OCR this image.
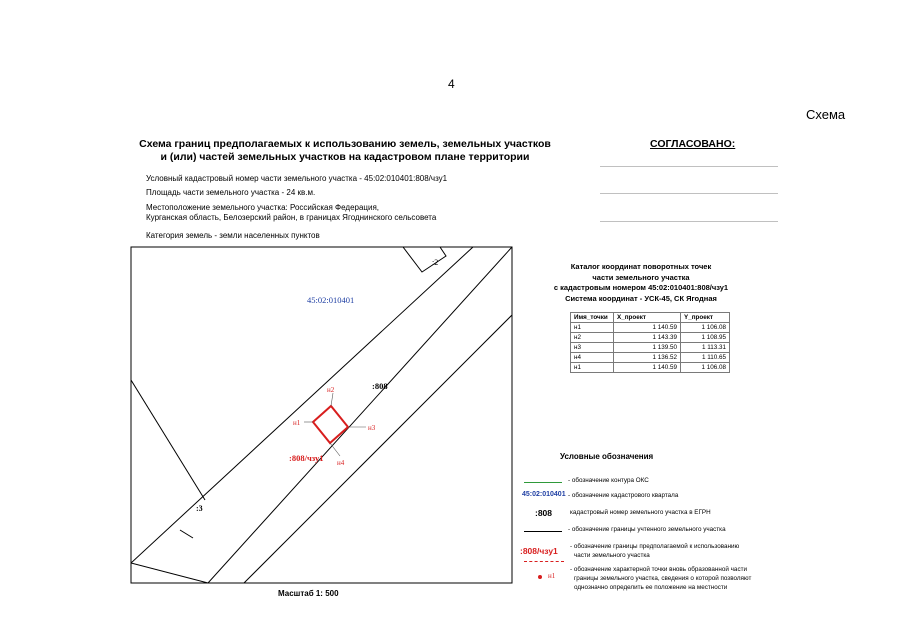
4
Схема
Схема границ предполагаемых к использованию земель, земельных участков
и (или) частей земельных участков на кадастровом плане территории
СОГЛАСОВАНО:
Условный кадастровый номер части земельного участка - 45:02:010401:808/чзу1
Площадь части земельного участка - 24 кв.м.
Местоположение земельного участка: Российская Федерация,
Курганская область, Белозерский район, в границах Ягоднинского сельсовета
Категория земель - земли населенных пунктов
45:02:010401
:2
:808
:3
:808/чзу1
н2
н3
н4
н1
Масштаб 1: 500
Каталог координат поворотных точек
части земельного участка
с кадастровым номером 45:02:010401:808/чзу1
Система координат - УСК-45, СК Ягодная
Имя_точки	X_проект	Y_проект
н1	1 140.59	1 106.08
н2	1 143.39	1 108.95
н3	1 139.50	1 113.31
н4	1 136.52	1 110.65
н1	1 140.59	1 106.08
Условные обозначения
- обозначение контура ОКС
45:02:010401 - обозначение кадастрового квартала
:808	кадастровый номер земельного участка в ЕГРН
- обозначение границы учтенного земельного участка
:808/чзу1 - обозначение границы предполагаемой к использованию
части земельного участка
н1
- обозначение характерной точки вновь образованной части
границы земельного участка, сведения о которой позволяют
однозначно определить ее положение на местности
